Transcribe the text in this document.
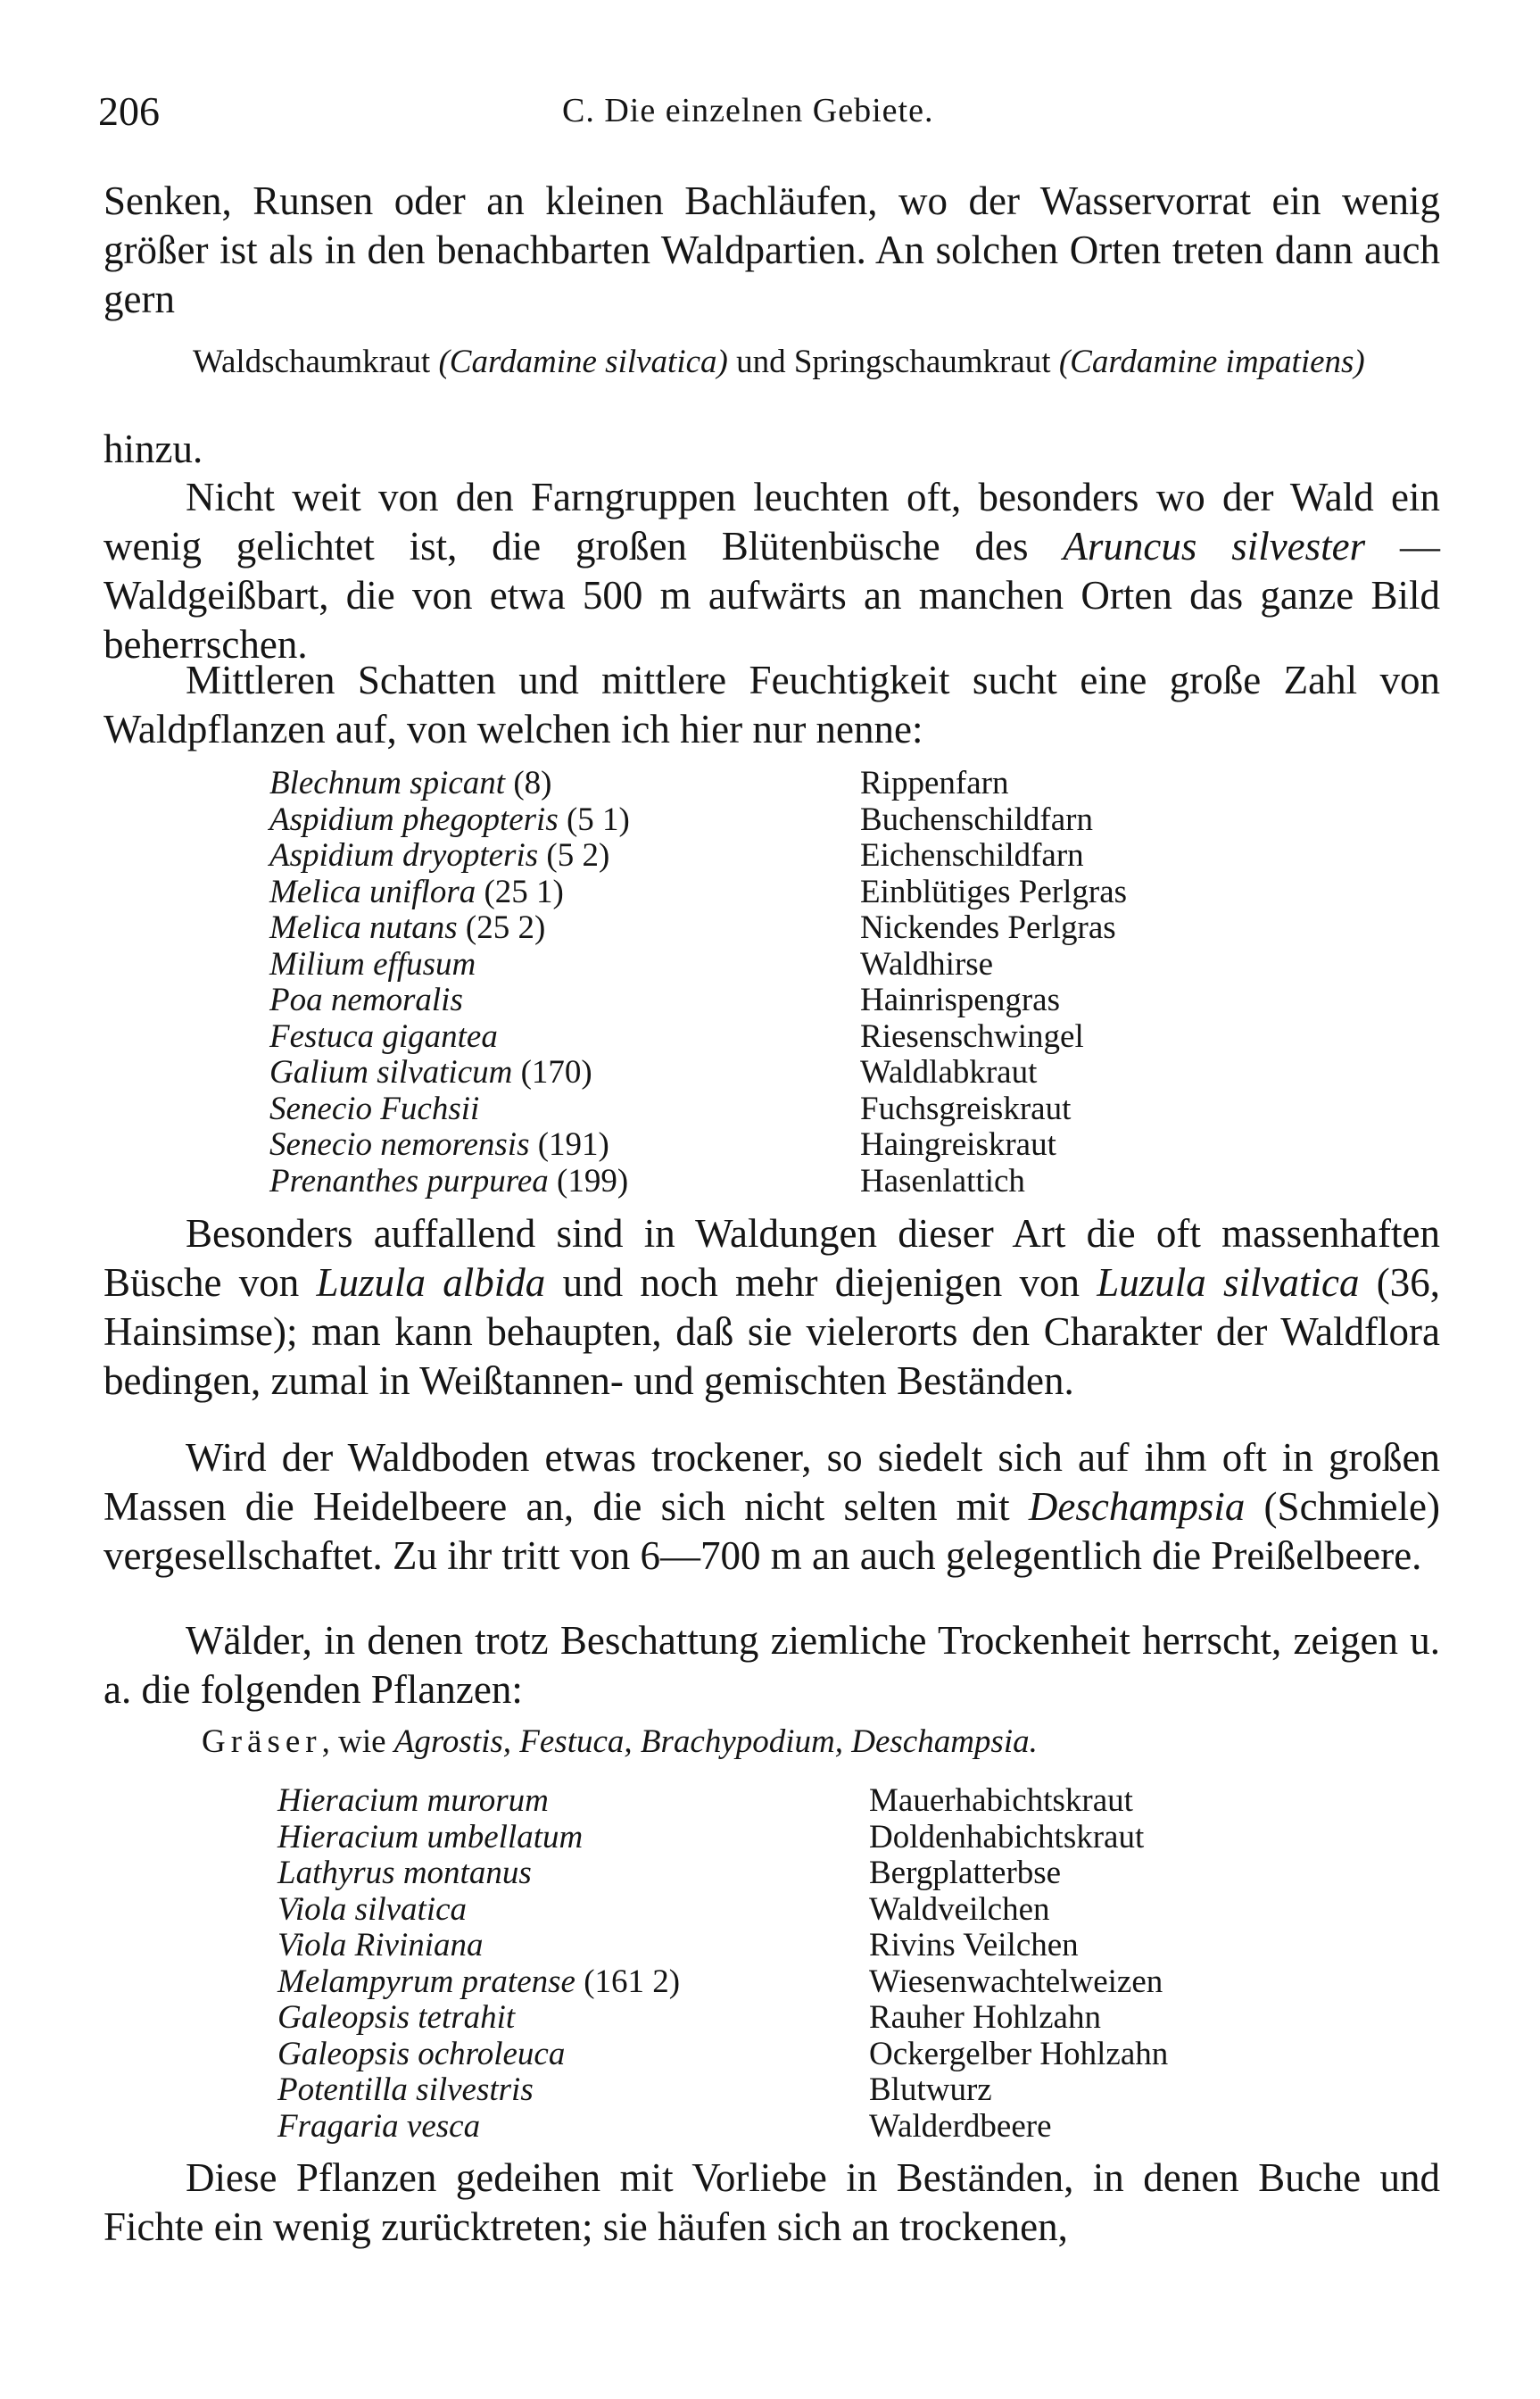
206	C. Die einzelnen Gebiete.
Senken, Runsen oder an kleinen Bachläufen, wo der Wasservorrat ein wenig größer ist als in den benachbarten Waldpartien. An solchen Orten treten dann auch gern
Waldschaumkraut (Cardamine silvatica) und Springschaumkraut (Cardamine impatiens)
hinzu.
Nicht weit von den Farngruppen leuchten oft, besonders wo der Wald ein wenig gelichtet ist, die großen Blütenbüsche des Aruncus silvester — Waldgeißbart, die von etwa 500 m aufwärts an manchen Orten das ganze Bild beherrschen.
Mittleren Schatten und mittlere Feuchtigkeit sucht eine große Zahl von Waldpflanzen auf, von welchen ich hier nur nenne:
Blechnum spicant (8)	Rippenfarn
Aspidium phegopteris (5 1)	Buchenschildfarn
Aspidium dryopteris (5 2)	Eichenschildfarn
Melica uniflora (25 1)	Einblütiges Perlgras
Melica nutans (25 2)	Nickendes Perlgras
Milium effusum	Waldhirse
Poa nemoralis	Hainrispengras
Festuca gigantea	Riesenschwingel
Galium silvaticum (170)	Waldlabkraut
Senecio Fuchsii	Fuchsgreiskraut
Senecio nemorensis (191)	Haingreiskraut
Prenanthes purpurea (199)	Hasenlattich
Besonders auffallend sind in Waldungen dieser Art die oft massenhaften Büsche von Luzula albida und noch mehr diejenigen von Luzula silvatica (36, Hainsimse); man kann behaupten, daß sie vielerorts den Charakter der Waldflora bedingen, zumal in Weißtannen- und gemischten Beständen.
Wird der Waldboden etwas trockener, so siedelt sich auf ihm oft in großen Massen die Heidelbeere an, die sich nicht selten mit Deschampsia (Schmiele) vergesellschaftet. Zu ihr tritt von 6—700 m an auch gelegentlich die Preißelbeere.
Wälder, in denen trotz Beschattung ziemliche Trockenheit herrscht, zeigen u. a. die folgenden Pflanzen:
Gräser, wie Agrostis, Festuca, Brachypodium, Deschampsia.
Hieracium murorum	Mauerhabichtskraut
Hieracium umbellatum	Doldenhabichtskraut
Lathyrus montanus	Bergplatterbse
Viola silvatica	Waldveilchen
Viola Riviniana	Rivins Veilchen
Melampyrum pratense (161 2)	Wiesenwachtelweizen
Galeopsis tetrahit	Rauher Hohlzahn
Galeopsis ochroleuca	Ockergelber Hohlzahn
Potentilla silvestris	Blutwurz
Fragaria vesca	Walderdbeere
Diese Pflanzen gedeihen mit Vorliebe in Beständen, in denen Buche und Fichte ein wenig zurücktreten; sie häufen sich an trockenen,
